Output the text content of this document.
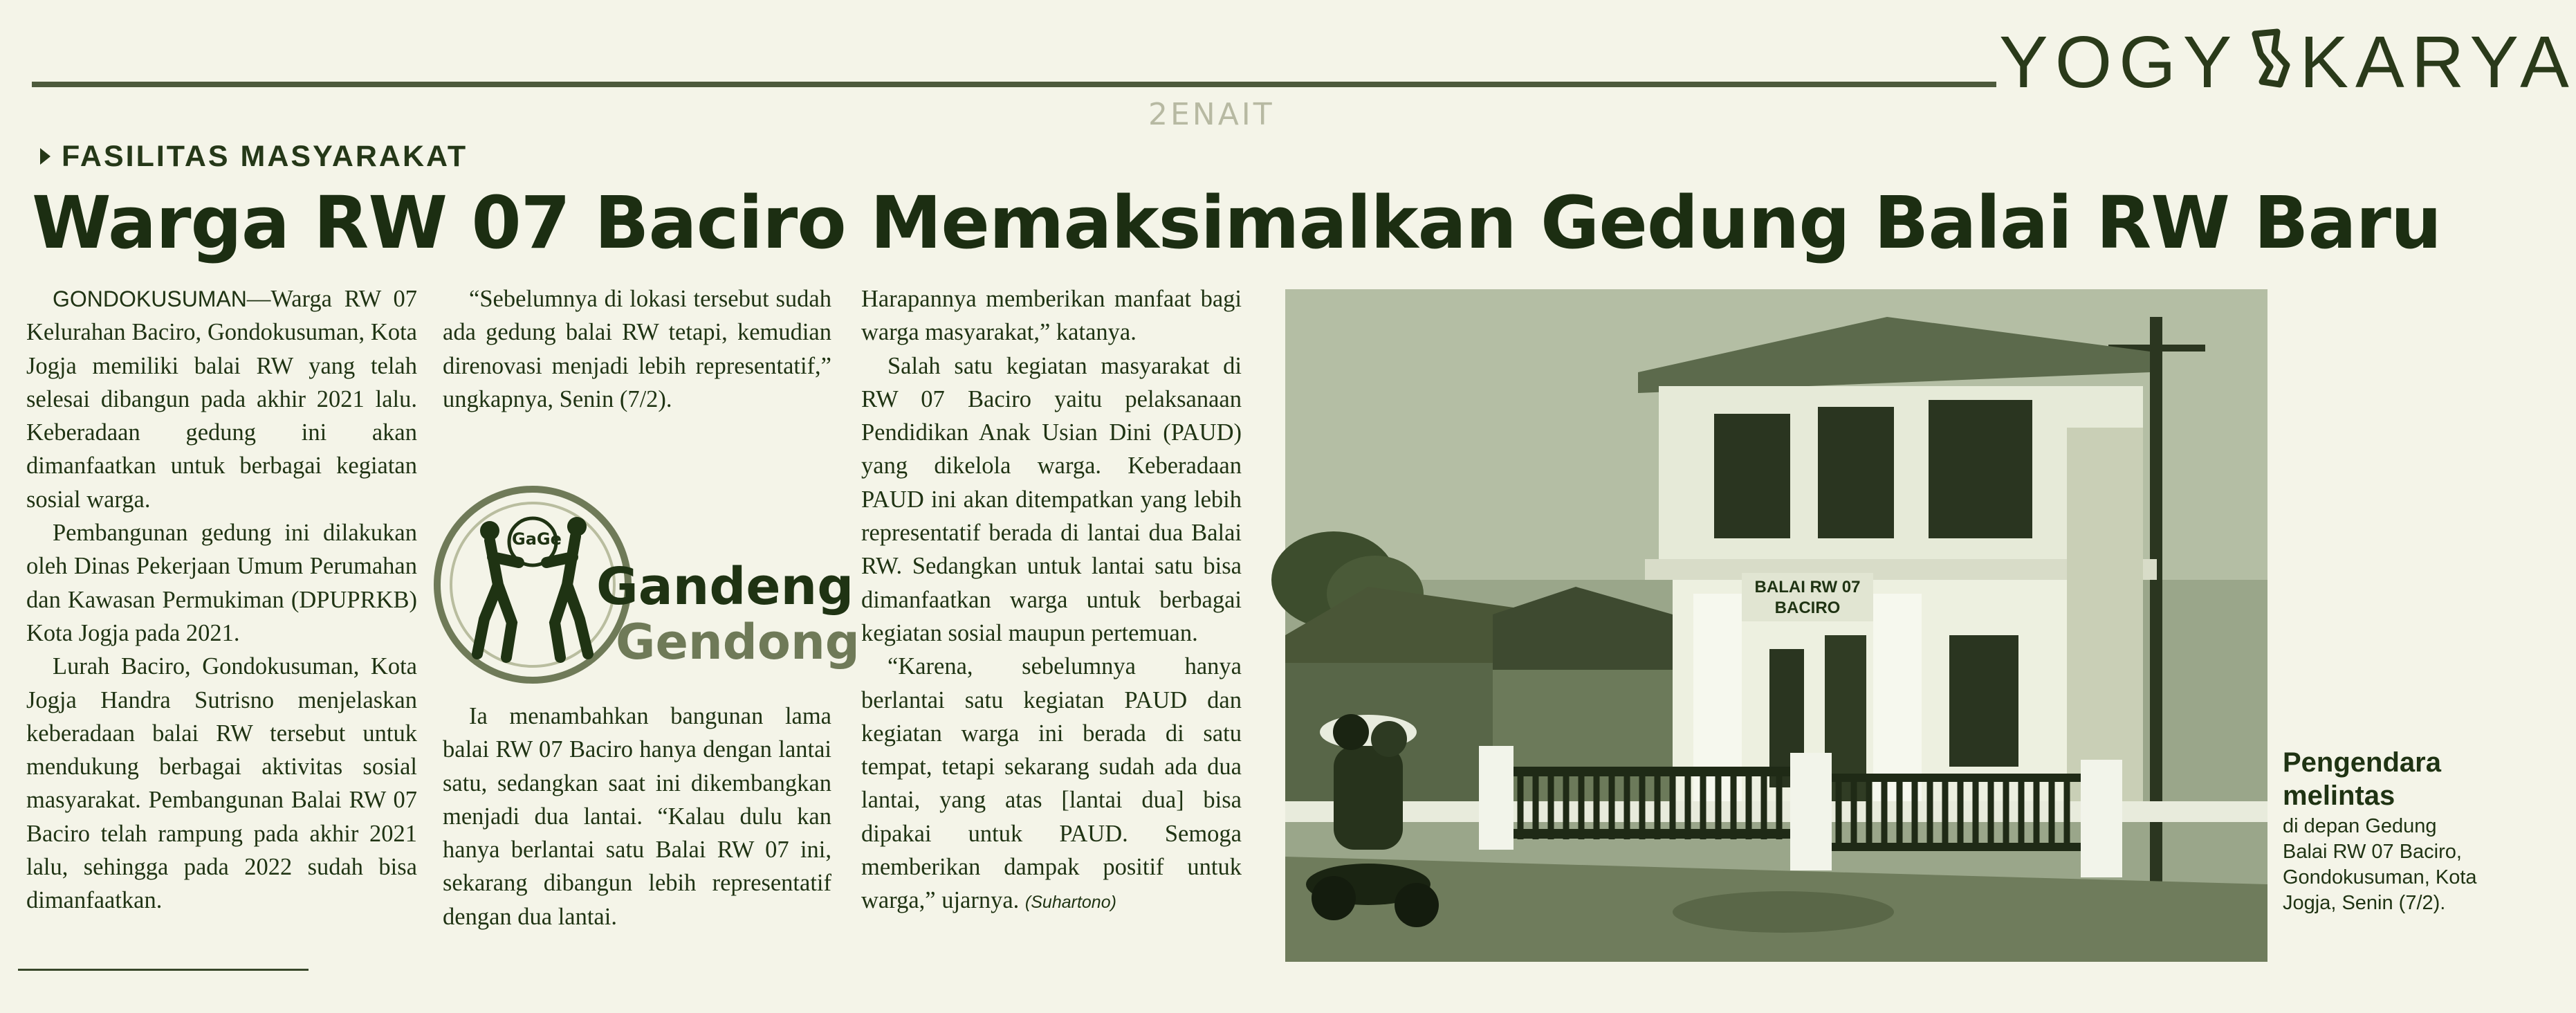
YOGY KARYA
2ENAIT
FASILITAS MASYARAKAT
Warga RW 07 Baciro Memaksimalkan Gedung Balai RW Baru

GONDOKUSUMAN—Warga RW 07 Kelurahan Baciro, Gondokusuman, Kota Jogja memiliki balai RW yang telah selesai dibangun pada akhir 2021 lalu. Keberadaan gedung ini akan dimanfaatkan untuk berbagai kegiatan sosial warga.

Pembangunan gedung ini dilakukan oleh Dinas Pekerjaan Umum Perumahan dan Kawasan Permukiman (DPUPRKB) Kota Jogja pada 2021.

Lurah Baciro, Gondokusuman, Kota Jogja Handra Sutrisno menjelaskan keberadaan balai RW tersebut untuk mendukung berbagai aktivitas sosial masyarakat. Pembangunan Balai RW 07 Baciro telah rampung pada akhir 2021 lalu, sehingga pada 2022 sudah bisa dimanfaatkan.

“Sebelumnya di lokasi tersebut sudah ada gedung balai RW tetapi, kemudian direnovasi menjadi lebih representatif,” ungkapnya, Senin (7/2).

GaGe
Gandeng
Gendong

Ia menambahkan bangunan lama balai RW 07 Baciro hanya dengan lantai satu, sedangkan saat ini dikembangkan menjadi dua lantai. “Kalau dulu kan hanya berlantai satu Balai RW 07 ini, sekarang dibangun lebih representatif dengan dua lantai.

Harapannya memberikan manfaat bagi warga masyarakat,” katanya.

Salah satu kegiatan masyarakat di RW 07 Baciro yaitu pelaksanaan Pendidikan Anak Usian Dini (PAUD) yang dikelola warga. Keberadaan PAUD ini akan ditempatkan yang lebih representatif berada di lantai dua Balai RW. Sedangkan untuk lantai satu bisa dimanfaatkan warga untuk berbagai kegiatan sosial maupun pertemuan.

“Karena, sebelumnya hanya berlantai satu kegiatan PAUD dan kegiatan warga ini berada di satu tempat, tetapi sekarang sudah ada dua lantai, yang atas [lantai dua] bisa dipakai untuk PAUD. Semoga memberikan dampak positif untuk warga,” ujarnya. (Suhartono)

BALAI RW 07
BACIRO
Pengendara melintas
di depan Gedung Balai RW 07 Baciro, Gondokusuman, Kota Jogja, Senin (7/2).
